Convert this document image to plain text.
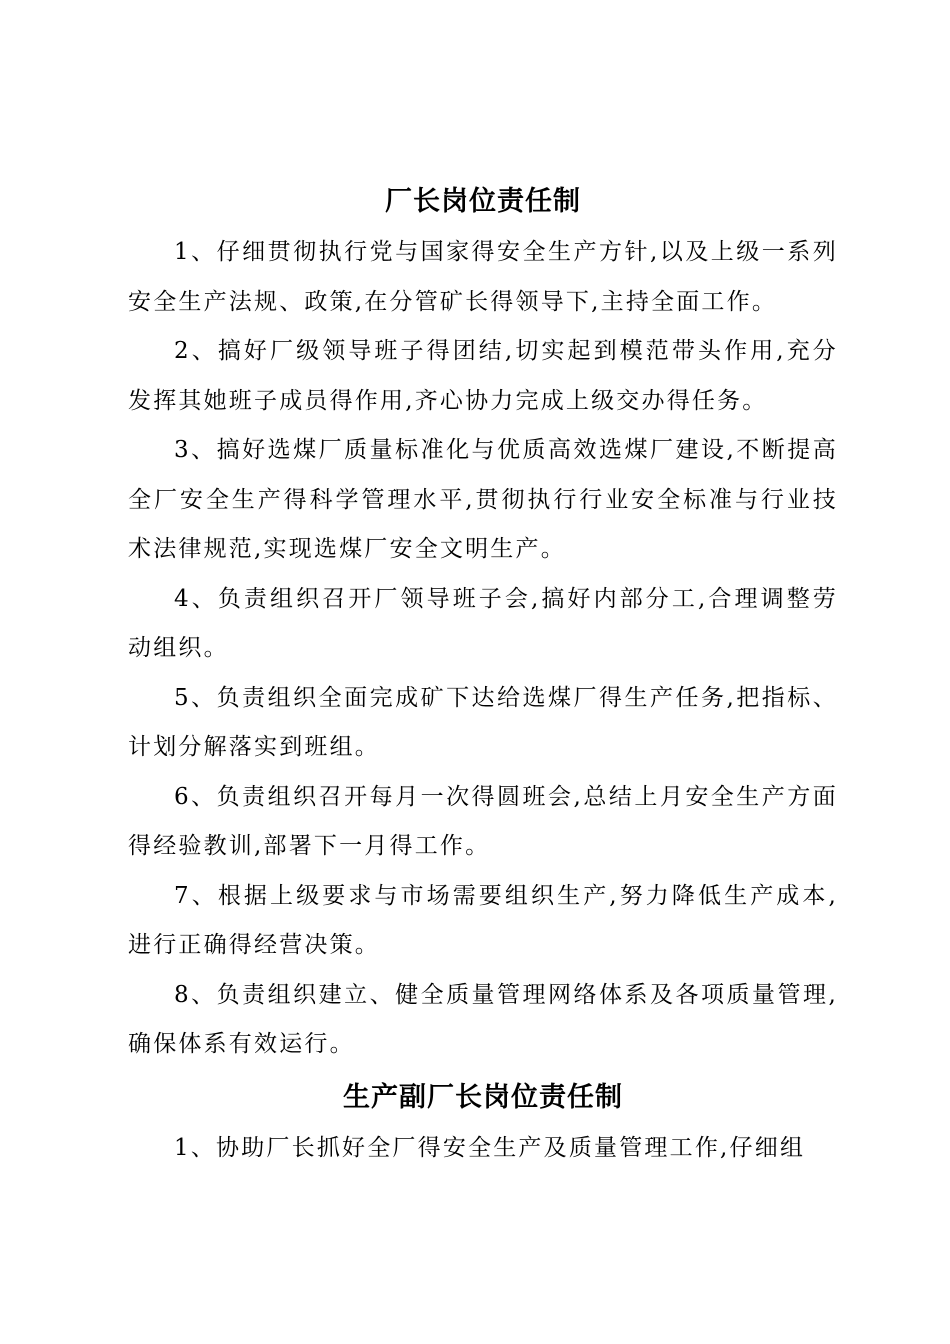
厂长岗位责任制

1、仔细贯彻执行党与国家得安全生产方针,以及上级一系列安全生产法规、政策,在分管矿长得领导下,主持全面工作。

2、搞好厂级领导班子得团结,切实起到模范带头作用,充分发挥其她班子成员得作用,齐心协力完成上级交办得任务。

3、搞好选煤厂质量标准化与优质高效选煤厂建设,不断提高全厂安全生产得科学管理水平,贯彻执行行业安全标准与行业技术法律规范,实现选煤厂安全文明生产。

4、负责组织召开厂领导班子会,搞好内部分工,合理调整劳动组织。

5、负责组织全面完成矿下达给选煤厂得生产任务,把指标、计划分解落实到班组。

6、负责组织召开每月一次得圆班会,总结上月安全生产方面得经验教训,部署下一月得工作。

7、根据上级要求与市场需要组织生产,努力降低生产成本,进行正确得经营决策。

8、负责组织建立、健全质量管理网络体系及各项质量管理,确保体系有效运行。

生产副厂长岗位责任制

1、协助厂长抓好全厂得安全生产及质量管理工作,仔细组
